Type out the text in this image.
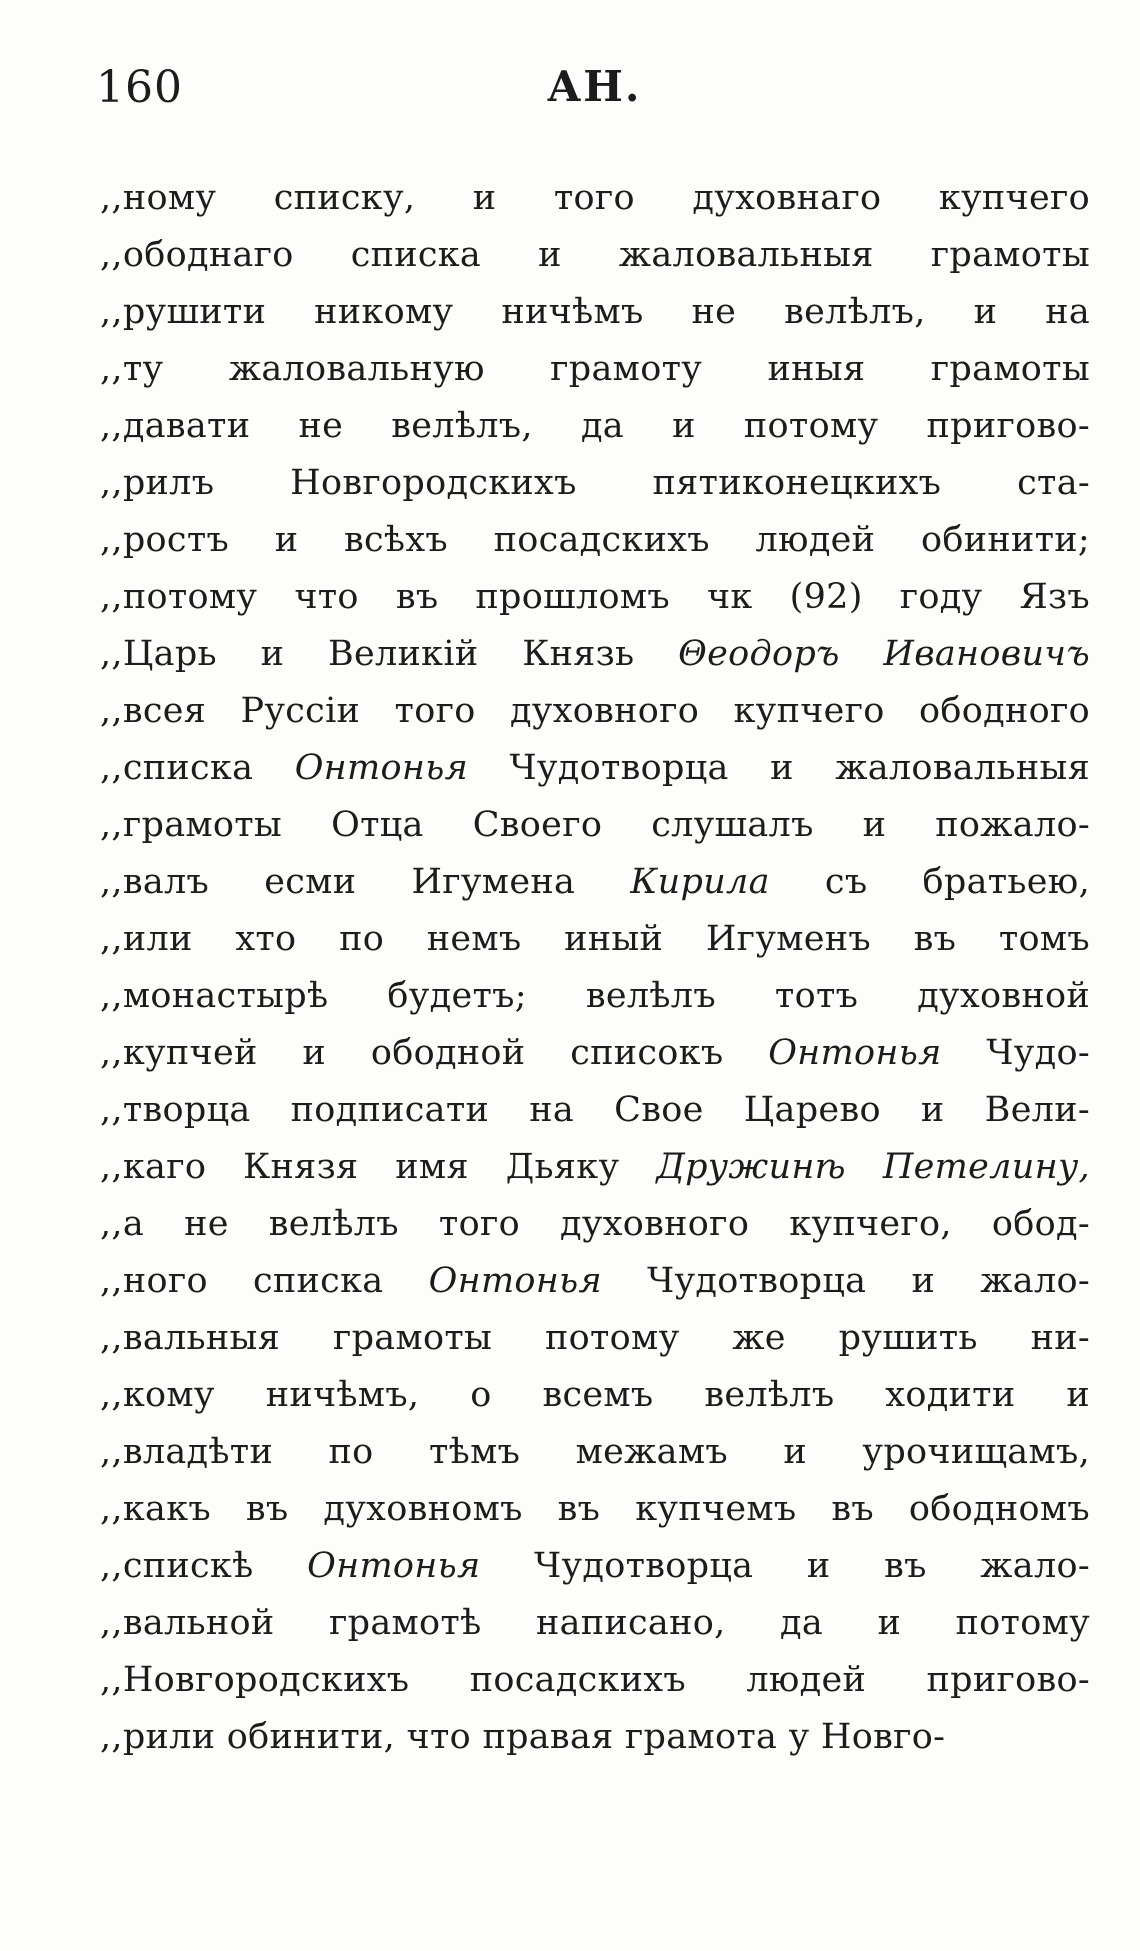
160	АН.
,,ному списку, и того духовнаго купчего
,,ободнаго списка и жаловальныя грамоты
,,рушити никому ничѣмъ не велѣлъ, и на
,,ту жаловальную грамоту иныя грамоты
,,давати не велѣлъ, да и потому пригово-
,,рилъ Новгородскихъ пятиконецкихъ ста-
,,ростъ и всѣхъ посадскихъ людей обинити;
,,потому что въ прошломъ чк (92) году Язъ
,,Царь и Великій Князь Θеодоръ Ивановичъ
,,всея Руссіи того духовного купчего ободного
,,списка Онтонья Чудотворца и жаловальныя
,,грамоты Отца Своего слушалъ и пожало-
,,валъ есми Игумена Кирила съ братьею,
,,или хто по немъ иный Игуменъ въ томъ
,,монастырѣ будетъ; велѣлъ тотъ духовной
,,купчей и ободной списокъ Онтонья Чудо-
,,творца подписати на Свое Царево и Вели-
,,каго Князя имя Дьяку Дружинѣ Петелину,
,,а не велѣлъ того духовного купчего, обод-
,,ного списка Онтонья Чудотворца и жало-
,,вальныя грамоты потому же рушить ни-
,,кому ничѣмъ, о всемъ велѣлъ ходити и
,,владѣти по тѣмъ межамъ и урочищамъ,
,,какъ въ духовномъ въ купчемъ въ ободномъ
,,спискѣ Онтонья Чудотворца и въ жало-
,,вальной грамотѣ написано, да и потому
,,Новгородскихъ посадскихъ людей пригово-
,,рили обинити, что правая грамота у Новго-
